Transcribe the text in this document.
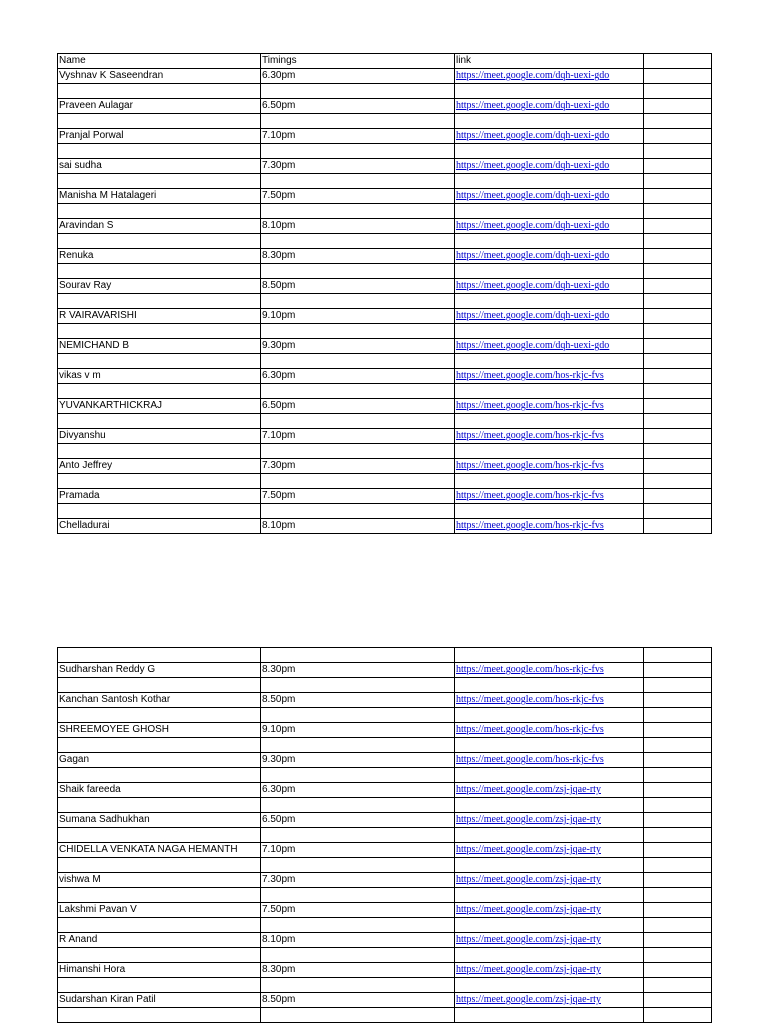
Name	Timings	link	
Vyshnav K Saseendran	6.30pm	https://meet.google.com/dqh-uexi-gdo	

Praveen Aulagar	6.50pm	https://meet.google.com/dqh-uexi-gdo	

Pranjal Porwal	7.10pm	https://meet.google.com/dqh-uexi-gdo	

sai sudha	7.30pm	https://meet.google.com/dqh-uexi-gdo	

Manisha M Hatalageri	7.50pm	https://meet.google.com/dqh-uexi-gdo	

Aravindan S	8.10pm	https://meet.google.com/dqh-uexi-gdo	

Renuka	8.30pm	https://meet.google.com/dqh-uexi-gdo	

Sourav Ray	8.50pm	https://meet.google.com/dqh-uexi-gdo	

R VAIRAVARISHI	9.10pm	https://meet.google.com/dqh-uexi-gdo	

NEMICHAND B	9.30pm	https://meet.google.com/dqh-uexi-gdo	

vikas v m	6.30pm	https://meet.google.com/hos-rkjc-fvs	

YUVANKARTHICKRAJ	6.50pm	https://meet.google.com/hos-rkjc-fvs	

Divyanshu	7.10pm	https://meet.google.com/hos-rkjc-fvs	

Anto Jeffrey	7.30pm	https://meet.google.com/hos-rkjc-fvs	

Pramada	7.50pm	https://meet.google.com/hos-rkjc-fvs	

Chelladurai	8.10pm	https://meet.google.com/hos-rkjc-fvs	

Sudharshan Reddy G	8.30pm	https://meet.google.com/hos-rkjc-fvs	

Kanchan Santosh Kothar	8.50pm	https://meet.google.com/hos-rkjc-fvs	

SHREEMOYEE GHOSH	9.10pm	https://meet.google.com/hos-rkjc-fvs	

Gagan	9.30pm	https://meet.google.com/hos-rkjc-fvs	

Shaik fareeda	6.30pm	https://meet.google.com/zsj-jqae-rty	

Sumana Sadhukhan	6.50pm	https://meet.google.com/zsj-jqae-rty	

CHIDELLA VENKATA NAGA HEMANTH	7.10pm	https://meet.google.com/zsj-jqae-rty	

vishwa M	7.30pm	https://meet.google.com/zsj-jqae-rty	

Lakshmi Pavan V	7.50pm	https://meet.google.com/zsj-jqae-rty	

R Anand	8.10pm	https://meet.google.com/zsj-jqae-rty	

Himanshi Hora	8.30pm	https://meet.google.com/zsj-jqae-rty	

Sudarshan Kiran Patil	8.50pm	https://meet.google.com/zsj-jqae-rty	
